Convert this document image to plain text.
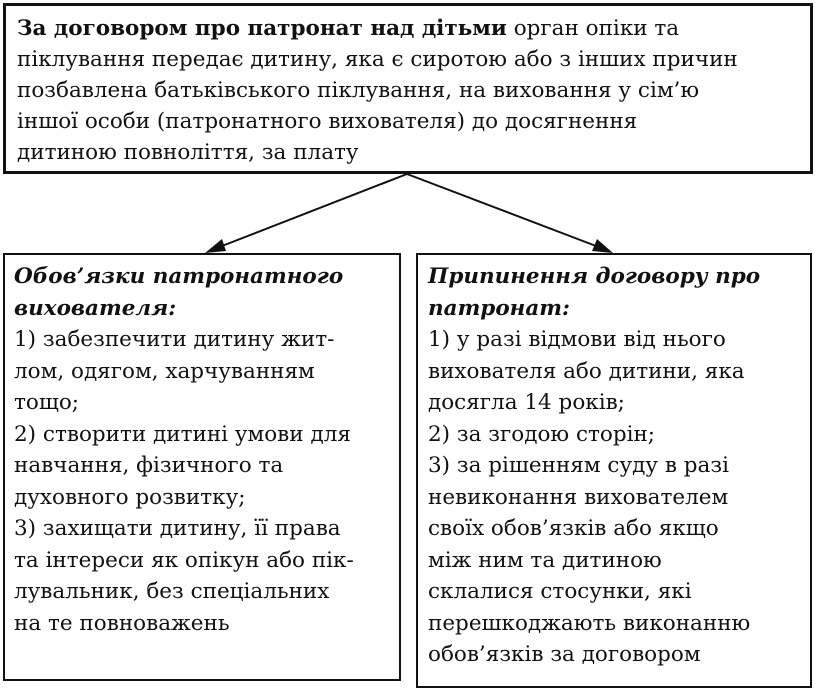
За договором про патронат над дітьми орган опіки та
піклування передає дитину, яка є сиротою або з інших причин
позбавлена батьківського піклування, на виховання у сім’ю
іншої особи (патронатного вихователя) до досягнення
дитиною повноліття, за плату
Обов’язки патронатного
вихователя:
1) забезпечити дитину жит-
лом, одягом, харчуванням
тощо;
2) створити дитині умови для
навчання, фізичного та
духовного розвитку;
3) захищати дитину, її права
та інтереси як опікун або пік-
лувальник, без спеціальних
на те повноважень
Припинення договору про
патронат:
1) у разі відмови від нього
вихователя або дитини, яка
досягла 14 років;
2) за згодою сторін;
3) за рішенням суду в разі
невиконання вихователем
своїх обов’язків або якщо
між ним та дитиною
склалися стосунки, які
перешкоджають виконанню
обов’язків за договором
